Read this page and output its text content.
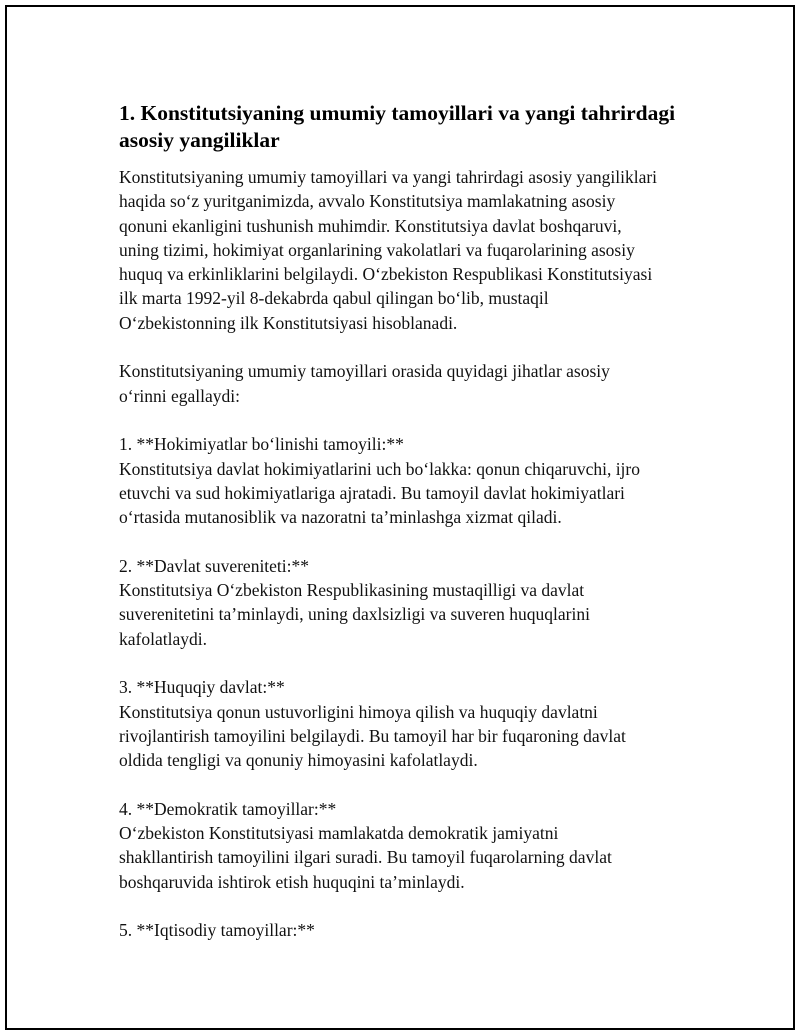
1. Konstitutsiyaning umumiy tamoyillari va yangi tahrirdagi
asosiy yangiliklar

Konstitutsiyaning umumiy tamoyillari va yangi tahrirdagi asosiy yangiliklari
haqida so‘z yuritganimizda, avvalo Konstitutsiya mamlakatning asosiy
qonuni ekanligini tushunish muhimdir. Konstitutsiya davlat boshqaruvi,
uning tizimi, hokimiyat organlarining vakolatlari va fuqarolarining asosiy
huquq va erkinliklarini belgilaydi. O‘zbekiston Respublikasi Konstitutsiyasi
ilk marta 1992-yil 8-dekabrda qabul qilingan bo‘lib, mustaqil
O‘zbekistonning ilk Konstitutsiyasi hisoblanadi.

Konstitutsiyaning umumiy tamoyillari orasida quyidagi jihatlar asosiy
o‘rinni egallaydi:

1. **Hokimiyatlar bo‘linishi tamoyili:**

Konstitutsiya davlat hokimiyatlarini uch bo‘lakka: qonun chiqaruvchi, ijro
etuvchi va sud hokimiyatlariga ajratadi. Bu tamoyil davlat hokimiyatlari
o‘rtasida mutanosiblik va nazoratni ta’minlashga xizmat qiladi.

2. **Davlat suvereniteti:**

Konstitutsiya O‘zbekiston Respublikasining mustaqilligi va davlat
suverenitetini ta’minlaydi, uning daxlsizligi va suveren huquqlarini
kafolatlaydi.

3. **Huquqiy davlat:**

Konstitutsiya qonun ustuvorligini himoya qilish va huquqiy davlatni
rivojlantirish tamoyilini belgilaydi. Bu tamoyil har bir fuqaroning davlat
oldida tengligi va qonuniy himoyasini kafolatlaydi.

4. **Demokratik tamoyillar:**

O‘zbekiston Konstitutsiyasi mamlakatda demokratik jamiyatni
shakllantirish tamoyilini ilgari suradi. Bu tamoyil fuqarolarning davlat
boshqaruvida ishtirok etish huquqini ta’minlaydi.

5. **Iqtisodiy tamoyillar:**
